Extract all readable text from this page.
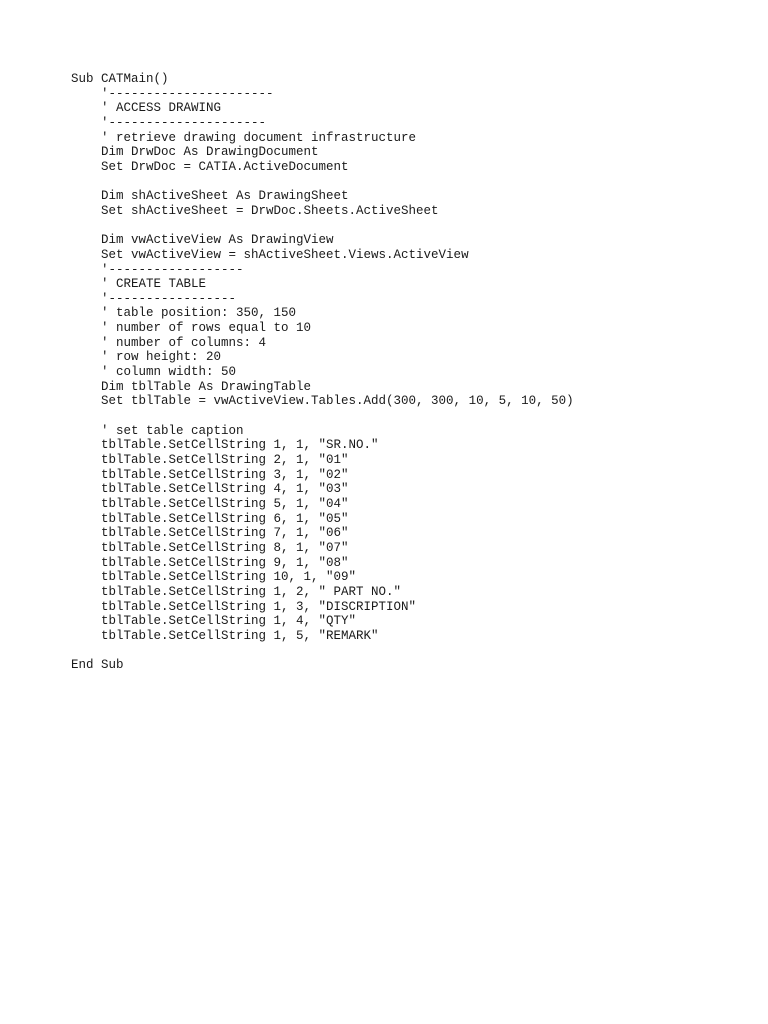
Sub CATMain()
'----------------------
' ACCESS DRAWING
'---------------------
' retrieve drawing document infrastructure
Dim DrwDoc As DrawingDocument
Set DrwDoc = CATIA.ActiveDocument
Dim shActiveSheet As DrawingSheet
Set shActiveSheet = DrwDoc.Sheets.ActiveSheet
Dim vwActiveView As DrawingView
Set vwActiveView = shActiveSheet.Views.ActiveView
'------------------
' CREATE TABLE
'-----------------
' table position: 350, 150
' number of rows equal to 10
' number of columns: 4
' row height: 20
' column width: 50
Dim tblTable As DrawingTable
Set tblTable = vwActiveView.Tables.Add(300, 300, 10, 5, 10, 50)
' set table caption
tblTable.SetCellString 1, 1, "SR.NO."
tblTable.SetCellString 2, 1, "01"
tblTable.SetCellString 3, 1, "02"
tblTable.SetCellString 4, 1, "03"
tblTable.SetCellString 5, 1, "04"
tblTable.SetCellString 6, 1, "05"
tblTable.SetCellString 7, 1, "06"
tblTable.SetCellString 8, 1, "07"
tblTable.SetCellString 9, 1, "08"
tblTable.SetCellString 10, 1, "09"
tblTable.SetCellString 1, 2, " PART NO."
tblTable.SetCellString 1, 3, "DISCRIPTION"
tblTable.SetCellString 1, 4, "QTY"
tblTable.SetCellString 1, 5, "REMARK"
End Sub
